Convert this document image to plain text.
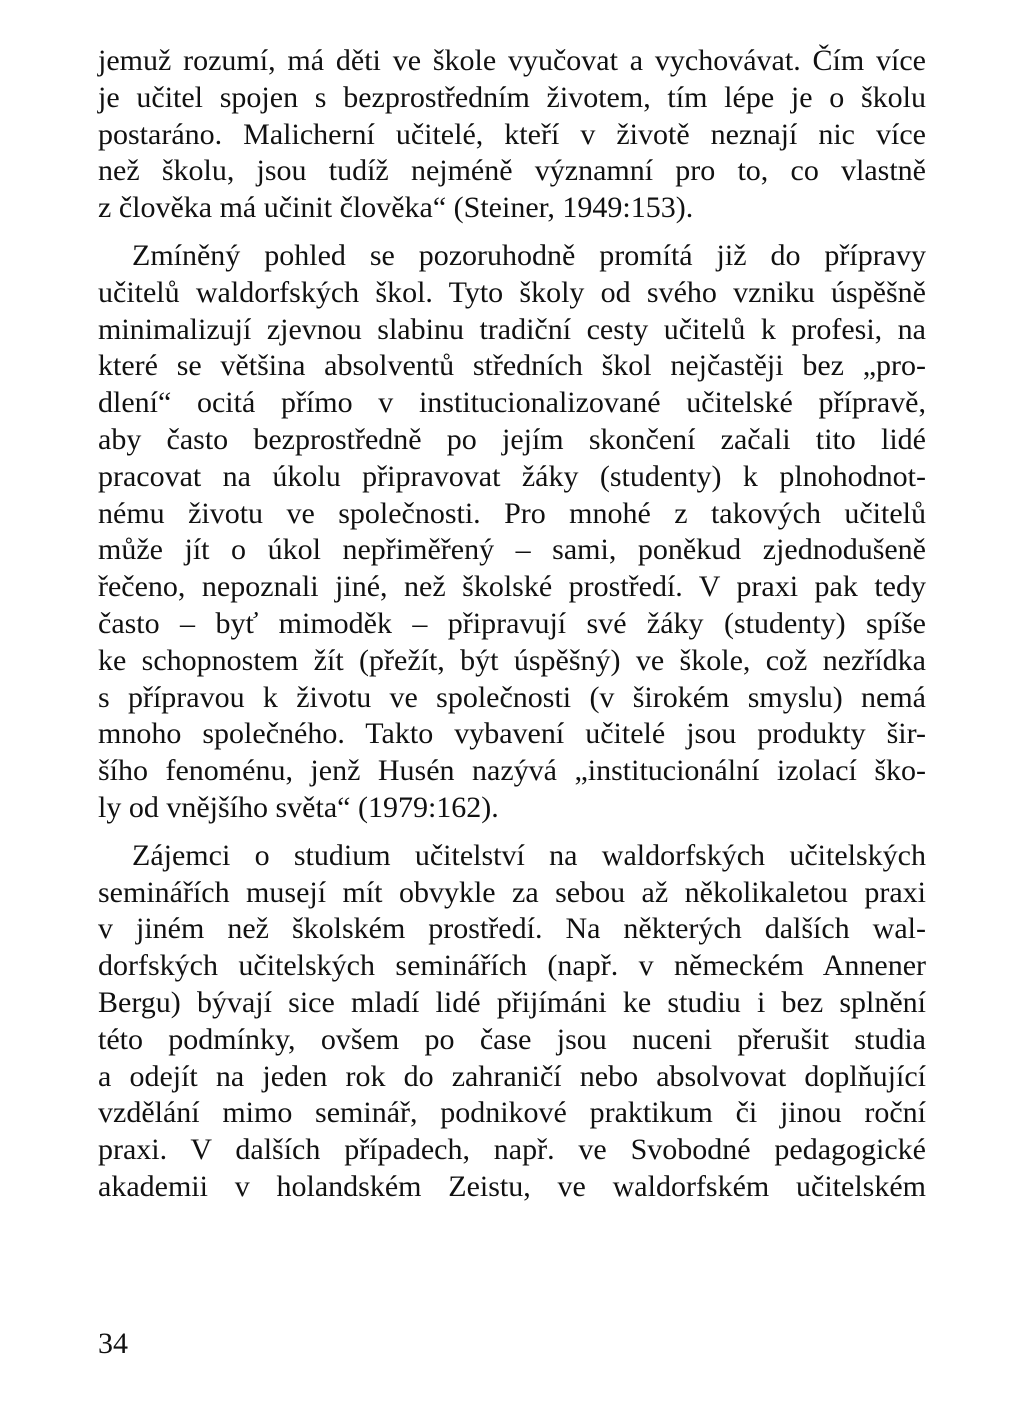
jemuž rozumí, má děti ve škole vyučovat a vychovávat. Čím více
je učitel spojen s bezprostředním životem, tím lépe je o školu
postaráno. Malicherní učitelé, kteří v životě neznají nic více
než školu, jsou tudíž nejméně významní pro to, co vlastně
z člověka má učinit člověka“ (Steiner, 1949:153).
Zmíněný pohled se pozoruhodně promítá již do přípravy
učitelů waldorfských škol. Tyto školy od svého vzniku úspěšně
minimalizují zjevnou slabinu tradiční cesty učitelů k profesi, na
které se většina absolventů středních škol nejčastěji bez „pro-
dlení“ ocitá přímo v institucionalizované učitelské přípravě,
aby často bezprostředně po jejím skončení začali tito lidé
pracovat na úkolu připravovat žáky (studenty) k plnohodnot-
nému životu ve společnosti. Pro mnohé z takových učitelů
může jít o úkol nepřiměřený – sami, poněkud zjednodušeně
řečeno, nepoznali jiné, než školské prostředí. V praxi pak tedy
často – byť mimoděk – připravují své žáky (studenty) spíše
ke schopnostem žít (přežít, být úspěšný) ve škole, což nezřídka
s přípravou k životu ve společnosti (v širokém smyslu) nemá
mnoho společného. Takto vybavení učitelé jsou produkty šir-
šího fenoménu, jenž Husén nazývá „institucionální izolací ško-
ly od vnějšího světa“ (1979:162).
Zájemci o studium učitelství na waldorfských učitelských
seminářích musejí mít obvykle za sebou až několikaletou praxi
v jiném než školském prostředí. Na některých dalších wal-
dorfských učitelských seminářích (např. v německém Annener
Bergu) bývají sice mladí lidé přijímáni ke studiu i bez splnění
této podmínky, ovšem po čase jsou nuceni přerušit studia
a odejít na jeden rok do zahraničí nebo absolvovat doplňující
vzdělání mimo seminář, podnikové praktikum či jinou roční
praxi. V dalších případech, např. ve Svobodné pedagogické
akademii v holandském Zeistu, ve waldorfském učitelském
34
